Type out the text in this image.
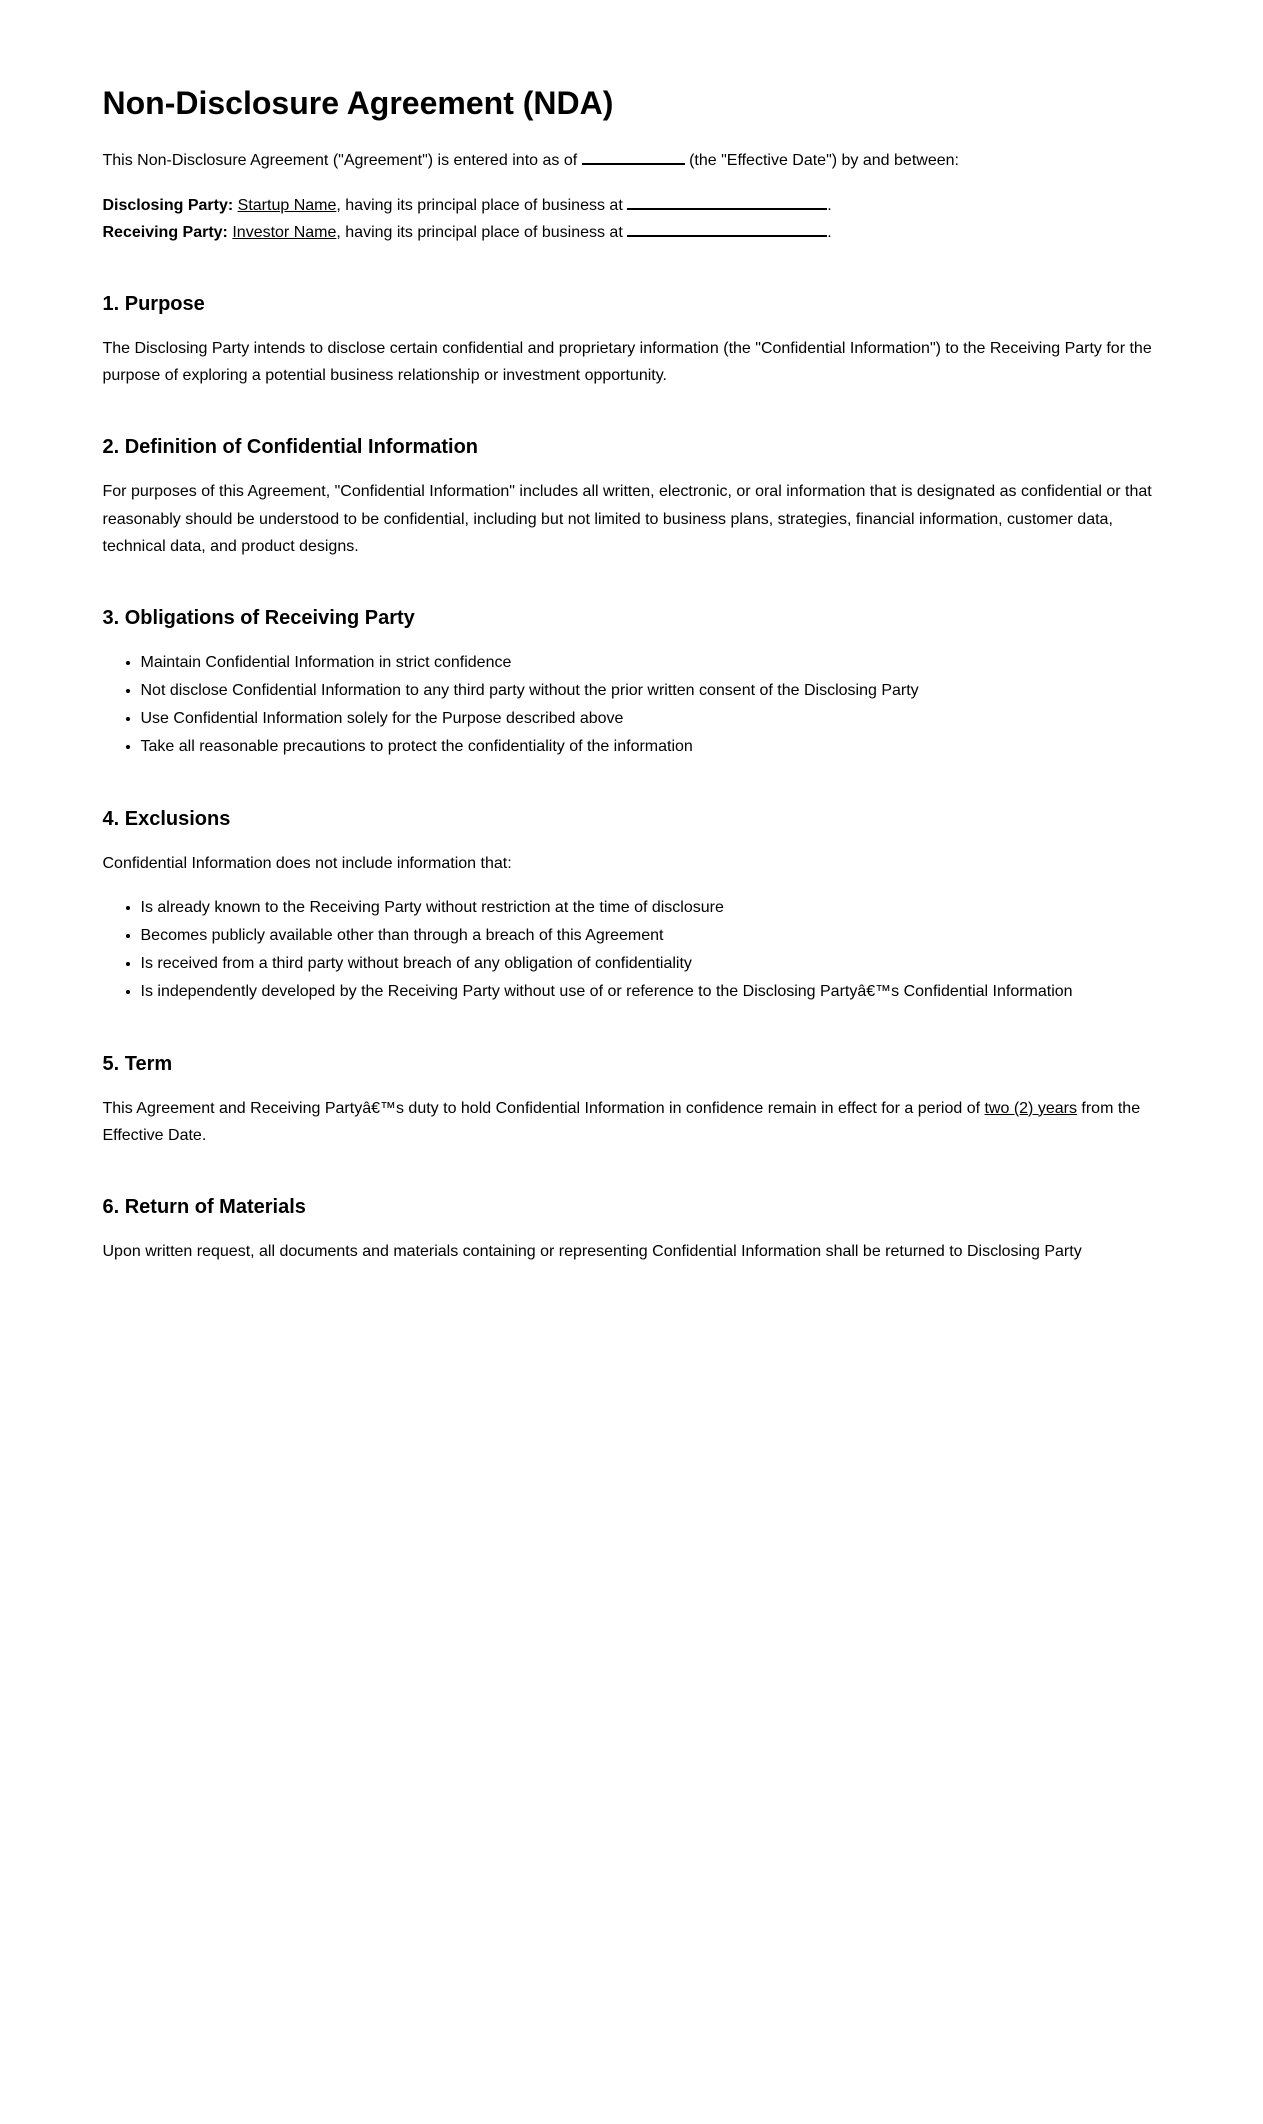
Non-Disclosure Agreement (NDA)

This Non-Disclosure Agreement ("Agreement") is entered into as of	(the "Effective Date") by and between:

Disclosing Party: Startup Name, having its principal place of business at	.
Receiving Party: Investor Name, having its principal place of business at	.

1. Purpose

The Disclosing Party intends to disclose certain confidential and proprietary information (the "Confidential Information") to the Receiving Party for the purpose of exploring a potential business relationship or investment opportunity.

2. Definition of Confidential Information

For purposes of this Agreement, "Confidential Information" includes all written, electronic, or oral information that is designated as confidential or that reasonably should be understood to be confidential, including but not limited to business plans, strategies, financial information, customer data, technical data, and product designs.

3. Obligations of Receiving Party
• Maintain Confidential Information in strict confidence
• Not disclose Confidential Information to any third party without the prior written consent of the Disclosing Party
• Use Confidential Information solely for the Purpose described above
• Take all reasonable precautions to protect the confidentiality of the information
4. Exclusions

Confidential Information does not include information that:

• Is already known to the Receiving Party without restriction at the time of disclosure
• Becomes publicly available other than through a breach of this Agreement
• Is received from a third party without breach of any obligation of confidentiality
• Is independently developed by the Receiving Party without use of or reference to the Disclosing Partyâ€™s Confidential Information
5. Term

This Agreement and Receiving Partyâ€™s duty to hold Confidential Information in confidence remain in effect for a period of two (2) years from the Effective Date.

6. Return of Materials

Upon written request, all documents and materials containing or representing Confidential Information shall be returned to Disclosing Party
